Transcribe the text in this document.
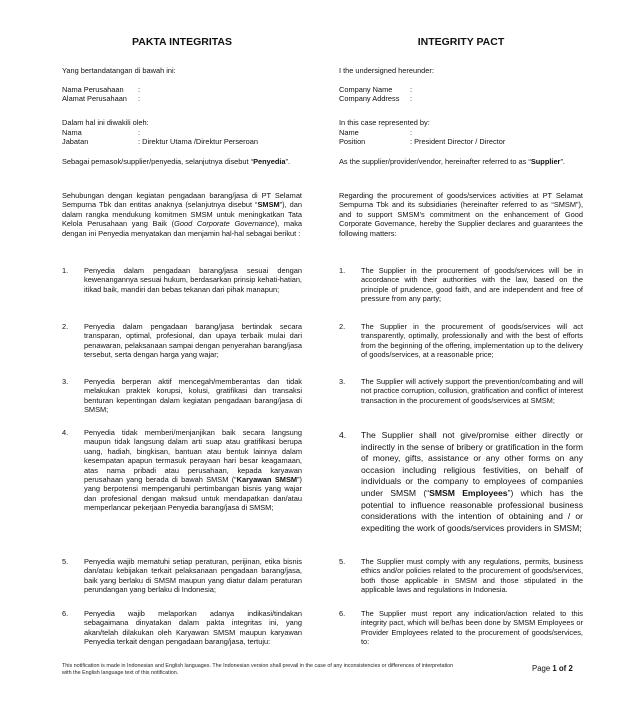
PAKTA INTEGRITAS	INTEGRITY PACT
Yang bertandatangan di bawah ini:
Nama Perusahaan	:
Alamat Perusahaan	:
Dalam hal ini diwakili oleh:
Nama	:
Jabatan	: Direktur Utama /Direktur Perseroan
Sebagai pemasok/supplier/penyedia, selanjutnya disebut “Penyedia”.
Sehubungan dengan kegiatan pengadaan barang/jasa di PT Selamat Sempurna Tbk dan entitas anaknya (selanjutnya disebut “SMSM”), dan dalam rangka mendukung komitmen SMSM untuk meningkatkan Tata Kelola Perusahaan yang Baik (Good Corporate Governance), maka dengan ini Penyedia menyatakan dan menjamin hal-hal sebagai berikut :
1.	Penyedia dalam pengadaan barang/jasa sesuai dengan kewenangannya sesuai hukum, berdasarkan prinsip kehati-hatian, itikad baik, mandiri dan bebas tekanan dari pihak manapun;
2.	Penyedia dalam pengadaan barang/jasa bertindak secara transparan, optimal, profesional, dan upaya terbaik mulai dari penawaran, pelaksanaan sampai dengan penyerahan barang/jasa tersebut, serta dengan harga yang wajar;
3.	Penyedia berperan aktif mencegah/memberantas dan tidak melakukan praktek korupsi, kolusi, gratifikasi dan transaksi benturan kepentingan dalam kegiatan pengadaan barang/jasa di SMSM;
4.	Penyedia tidak memberi/menjanjikan baik secara langsung maupun tidak langsung dalam arti suap atau gratifikasi berupa uang, hadiah, bingkisan, bantuan atau bentuk lainnya dalam kesempatan apapun termasuk perayaan hari besar keagamaan, atas nama pribadi atau perusahaan, kepada karyawan perusahaan yang berada di bawah SMSM (“Karyawan SMSM”) yang berpotensi mempengaruhi pertimbangan bisnis yang wajar dan profesional dengan maksud untuk mendapatkan dan/atau memperlancar pekerjaan Penyedia barang/jasa di SMSM;
5.	Penyedia wajib mematuhi setiap peraturan, perijinan, etika bisnis dan/atau kebijakan terkait pelaksanaan pengadaan barang/jasa, baik yang berlaku di SMSM maupun yang diatur dalam peraturan perundangan yang berlaku di Indonesia;
6.	Penyedia wajib melaporkan adanya indikasi/tindakan sebagaimana dinyatakan dalam pakta integritas ini, yang akan/telah dilakukan oleh Karyawan SMSM maupun karyawan Penyedia terkait dengan pengadaan barang/jasa, tertuju:
I the undersigned hereunder:
Company Name	:
Company Address	:
In this case represented by:
Name	:
Position	: President Director / Director
As the supplier/provider/vendor, hereinafter referred to as “Supplier”.
Regarding the procurement of goods/services activities at PT Selamat Sempurna Tbk and its subsidiaries (hereinafter referred to as “SMSM”), and to support SMSM's commitment on the enhancement of Good Corporate Governance, hereby the Supplier declares and guarantees the following matters:
1.	The Supplier in the procurement of goods/services will be in accordance with their authorities with the law, based on the principle of prudence, good faith, and are independent and free of pressure from any party;
2.	The Supplier in the procurement of goods/services will act transparently, optimally, professionally and with the best of efforts from the beginning of the offering, implementation up to the delivery of goods/services, at a reasonable price;
3.	The Supplier will actively support the prevention/combating and will not practice corruption, collusion, gratification and conflict of interest transaction in the procurement of goods/services at SMSM;
4.	The Supplier shall not give/promise either directly or indirectly in the sense of bribery or gratification in the form of money, gifts, assistance or any other forms on any occasion including religious festivities, on behalf of individuals or the company to employees of companies under SMSM (“SMSM Employees”) which has the potential to influence reasonable professional business considerations with the intention of obtaining and / or expediting the work of goods/services providers in SMSM;
5.	The Supplier must comply with any regulations, permits, business ethics and/or policies related to the procurement of goods/services, both those applicable in SMSM and those stipulated in the applicable laws and regulations in Indonesia.
6.	The Supplier must report any indication/action related to this integrity pact, which will be/has been done by SMSM Employees or Provider Employees related to the procurement of goods/services, to:
This notification is made in Indonesian and English languages. The Indonesian version shall prevail in the case of any inconsistencies or differences of interpretation with the English language text of this notification.
Page 1 of 2
